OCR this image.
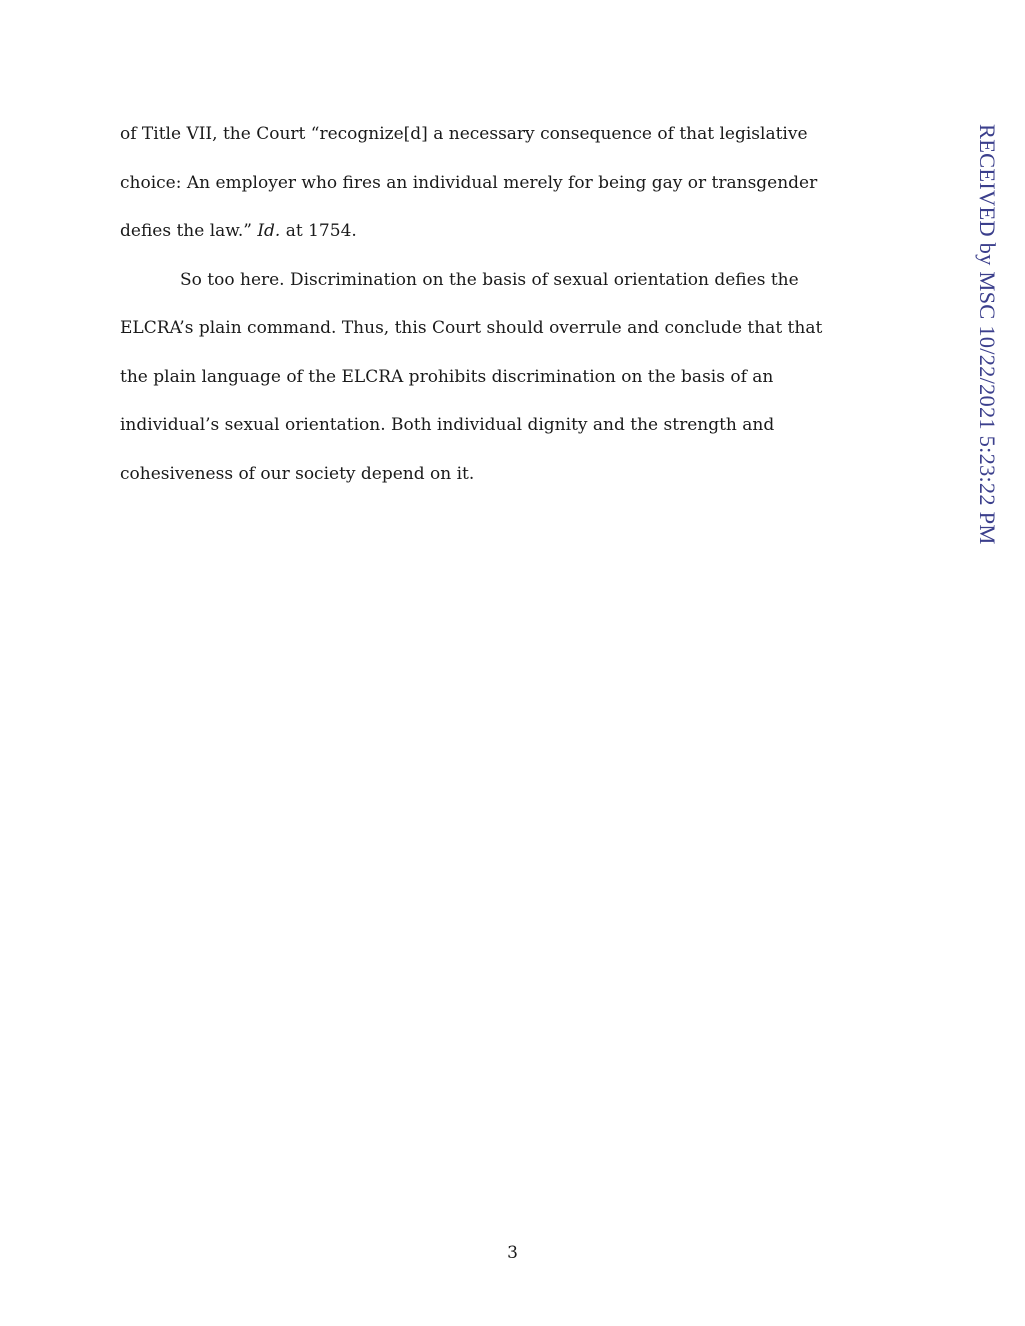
of Title VII, the Court “recognize[d] a necessary consequence of that legislative
choice: An employer who fires an individual merely for being gay or transgender
defies the law.” Id. at 1754.
So too here. Discrimination on the basis of sexual orientation defies the
ELCRA’s plain command. Thus, this Court should overrule and conclude that that
the plain language of the ELCRA prohibits discrimination on the basis of an
individual’s sexual orientation. Both individual dignity and the strength and
cohesiveness of our society depend on it.	RECEIVED by MSC 10/22/2021 5:23:22 PM
3
